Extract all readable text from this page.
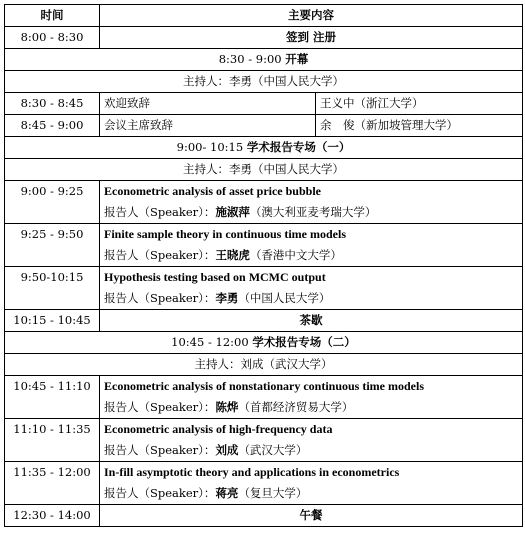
时间	主要内容	
8:00 - 8:30	签到 注册	
8:30 - 9:00 开幕		
主持人：李勇（中国人民大学）		
8:30 - 8:45	欢迎致辞	王义中（浙江大学）
8:45 - 9:00	会议主席致辞	余　俊（新加坡管理大学）
9:00- 10:15 学术报告专场（一）		
主持人：李勇（中国人民大学）		
9:00 - 9:25	Econometric analysis of asset price bubble
报告人（Speaker）：施淑萍（澳大利亚麦考瑞大学）	

9:25 - 9:50	Finite sample theory in continuous time models
报告人（Speaker）：王晓虎（香港中文大学）	

9:50-10:15	Hypothesis testing based on MCMC output
报告人（Speaker）：李勇（中国人民大学）	

10:15 - 10:45	茶歇	
10:45 - 12:00 学术报告专场（二）		
主持人：刘成（武汉大学）		
10:45 - 11:10	Econometric analysis of nonstationary continuous time models
报告人（Speaker）：陈烨（首都经济贸易大学）	

11:10 - 11:35	Econometric analysis of high-frequency data
报告人（Speaker）：刘成（武汉大学）	

11:35 - 12:00	In-fill asymptotic theory and applications in econometrics
报告人（Speaker）：蒋亮（复旦大学）	

12:30 - 14:00	午餐	
